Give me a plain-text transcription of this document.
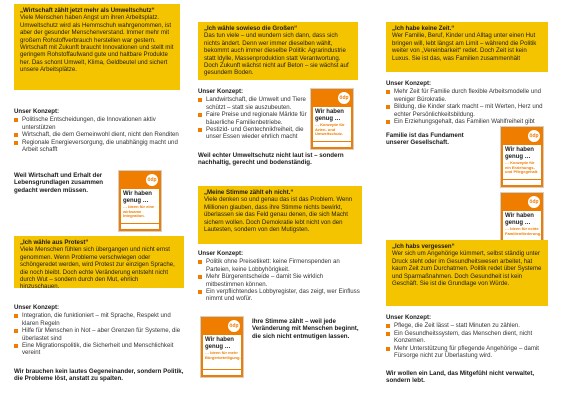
„Wirtschaft zählt jetzt mehr als Umweltschutz“
Viele Menschen haben Angst um ihren Arbeitsplatz. Umweltschutz wird als Hemmschuh wahrgenommen, ist aber der gesunder Menschenverstand. Immer mehr mit großem Rohstoffverbrauch herstellen war gestern. Wirtschaft mit Zukunft braucht Innovationen und stellt mit geringem Rohstoffaufwand gute und haltbare Produkte her. Das schont Umwelt, Klima, Geldbeutel und sichert unsere Arbeitsplätze.
Unser Konzept:
Politische Entscheidungen, die Innovationen aktiv unterstützen
Wirtschaft, die dem Gemeinwohl dient, nicht den Renditen
Regionale Energieversorgung, die unabhängig macht und Arbeit schafft
Weil Wirtschaft und Erhalt der Lebensgrundlagen zusammen gedacht werden müssen.
ödp
Wir haben genug …
… Ideen für eine wirksame Integration.
„Ich wähle aus Protest“
Viele Menschen fühlen sich übergangen und nicht ernst genommen. Wenn Probleme verschwiegen oder schöngeredet werden, wird Protest zur einzigen Sprache, die noch bleibt. Doch echte Veränderung entsteht nicht durch Wut – sondern durch den Mut, ehrlich hinzuschauen.
Unser Konzept:
Integration, die funktioniert – mit Sprache, Respekt und klaren Regeln
Hilfe für Menschen in Not – aber Grenzen für Systeme, die überlastet sind
Eine Migrationspolitik, die Sicherheit und Menschlichkeit vereint
Wir brauchen kein lautes Gegeneinander, sondern Politik, die Probleme löst, anstatt zu spalten.
„Ich wähle sowieso die Großen“
Das tun viele – und wundern sich dann, dass sich nichts ändert. Denn wer immer dieselben wählt, bekommt auch immer dieselbe Politik: Agrarindustrie statt Idylle, Massenproduktion statt Verantwortung. Doch Zukunft wächst nicht auf Beton – sie wächst auf gesundem Boden.
Unser Konzept:
Landwirtschaft, die Umwelt und Tiere schützt – statt sie auszubeuten.
Faire Preise und regionale Märkte für bäuerliche Familienbetriebe.
Pestizid- und Gentechnikfreiheit, die unser Essen wieder ehrlich macht
ödp
Wir haben genug …
… Konzepte für Arten- und Umweltschutz.
Weil echter Umweltschutz nicht laut ist – sondern nachhaltig, gerecht und bodenständig.
„Meine Stimme zählt eh nicht.“
Viele denken so und genau das ist das Problem. Wenn Millionen glauben, dass ihre Stimme nichts bewirkt, überlassen sie das Feld genau denen, die sich Macht sichern wollen. Doch Demokratie lebt nicht von den Lautesten, sondern von den Mutigsten.
Unser Konzept:
Politik ohne Preisetikett: keine Firmenspenden an Parteien, keine Lobbyhörigkeit.
Mehr Bürgerentscheide – damit Sie wirklich mitbestimmen können.
Ein verpflichtendes Lobbyregister, das zeigt, wer Einfluss nimmt und wofür.
ödp
Wir haben genug …
… Ideen für mehr Bürgerbeteiligung.
Ihre Stimme zählt – weil jede Veränderung mit Menschen beginnt, die sich nicht entmutigen lassen.
„Ich habe keine Zeit.“
Wer Familie, Beruf, Kinder und Alltag unter einen Hut bringen will, lebt längst am Limit – während die Politik weiter von „Vereinbarkeit“ redet. Doch Zeit ist kein Luxus. Sie ist das, was Familien zusammenhält
Unser Konzept:
Mehr Zeit für Familie durch flexible Arbeitsmodelle und weniger Bürokratie.
Bildung, die Kinder stark macht – mit Werten, Herz und echter Persönlichkeitsbildung.
Ein Erziehungsgehalt, das Familien Wahlfreiheit gibt
Familie ist das Fundament unserer Gesellschaft.
ödp
Wir haben genug …
… Konzepte für ein Erziehungs- und Pflegegehalt.
ödp
Wir haben genug …
… Ideen für echte Familienförderung.
„Ich habs vergessen“
Wer sich um Angehörige kümmert, selbst ständig unter Druck steht oder im Gesundheitswesen arbeitet, hat kaum Zeit zum Durchatmen. Politik redet über Systeme und Sparmaßnahmen. Doch Gesundheit ist kein Geschäft. Sie ist die Grundlage von Würde.
Unser Konzept:
Pflege, die Zeit lässt – statt Minuten zu zählen.
Ein Gesundheitssystem, das Menschen dient, nicht Konzernen.
Mehr Unterstützung für pflegende Angehörige – damit Fürsorge nicht zur Überlastung wird.
Wir wollen ein Land, das Mitgefühl nicht verwaltet, sondern lebt.
